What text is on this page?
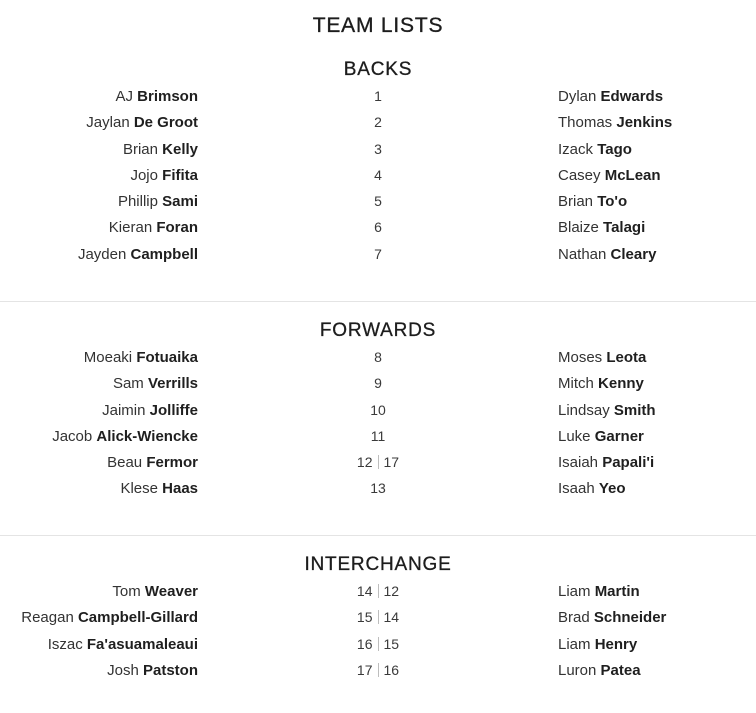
TEAM LISTS
BACKS
AJ Brimson	1	Dylan Edwards
Jaylan De Groot	2	Thomas Jenkins
Brian Kelly	3	Izack Tago
Jojo Fifita	4	Casey McLean
Phillip Sami	5	Brian To'o
Kieran Foran	6	Blaize Talagi
Jayden Campbell	7	Nathan Cleary
FORWARDS
Moeaki Fotuaika	8	Moses Leota
Sam Verrills	9	Mitch Kenny
Jaimin Jolliffe	10	Lindsay Smith
Jacob Alick-Wiencke	11	Luke Garner
Beau Fermor	12 17	Isaiah Papali'i
Klese Haas	13	Isaah Yeo
INTERCHANGE
Tom Weaver	14 12	Liam Martin
Reagan Campbell-Gillard	15 14	Brad Schneider
Iszac Fa'asuamaleaui	16 15	Liam Henry
Josh Patston	17 16	Luron Patea
